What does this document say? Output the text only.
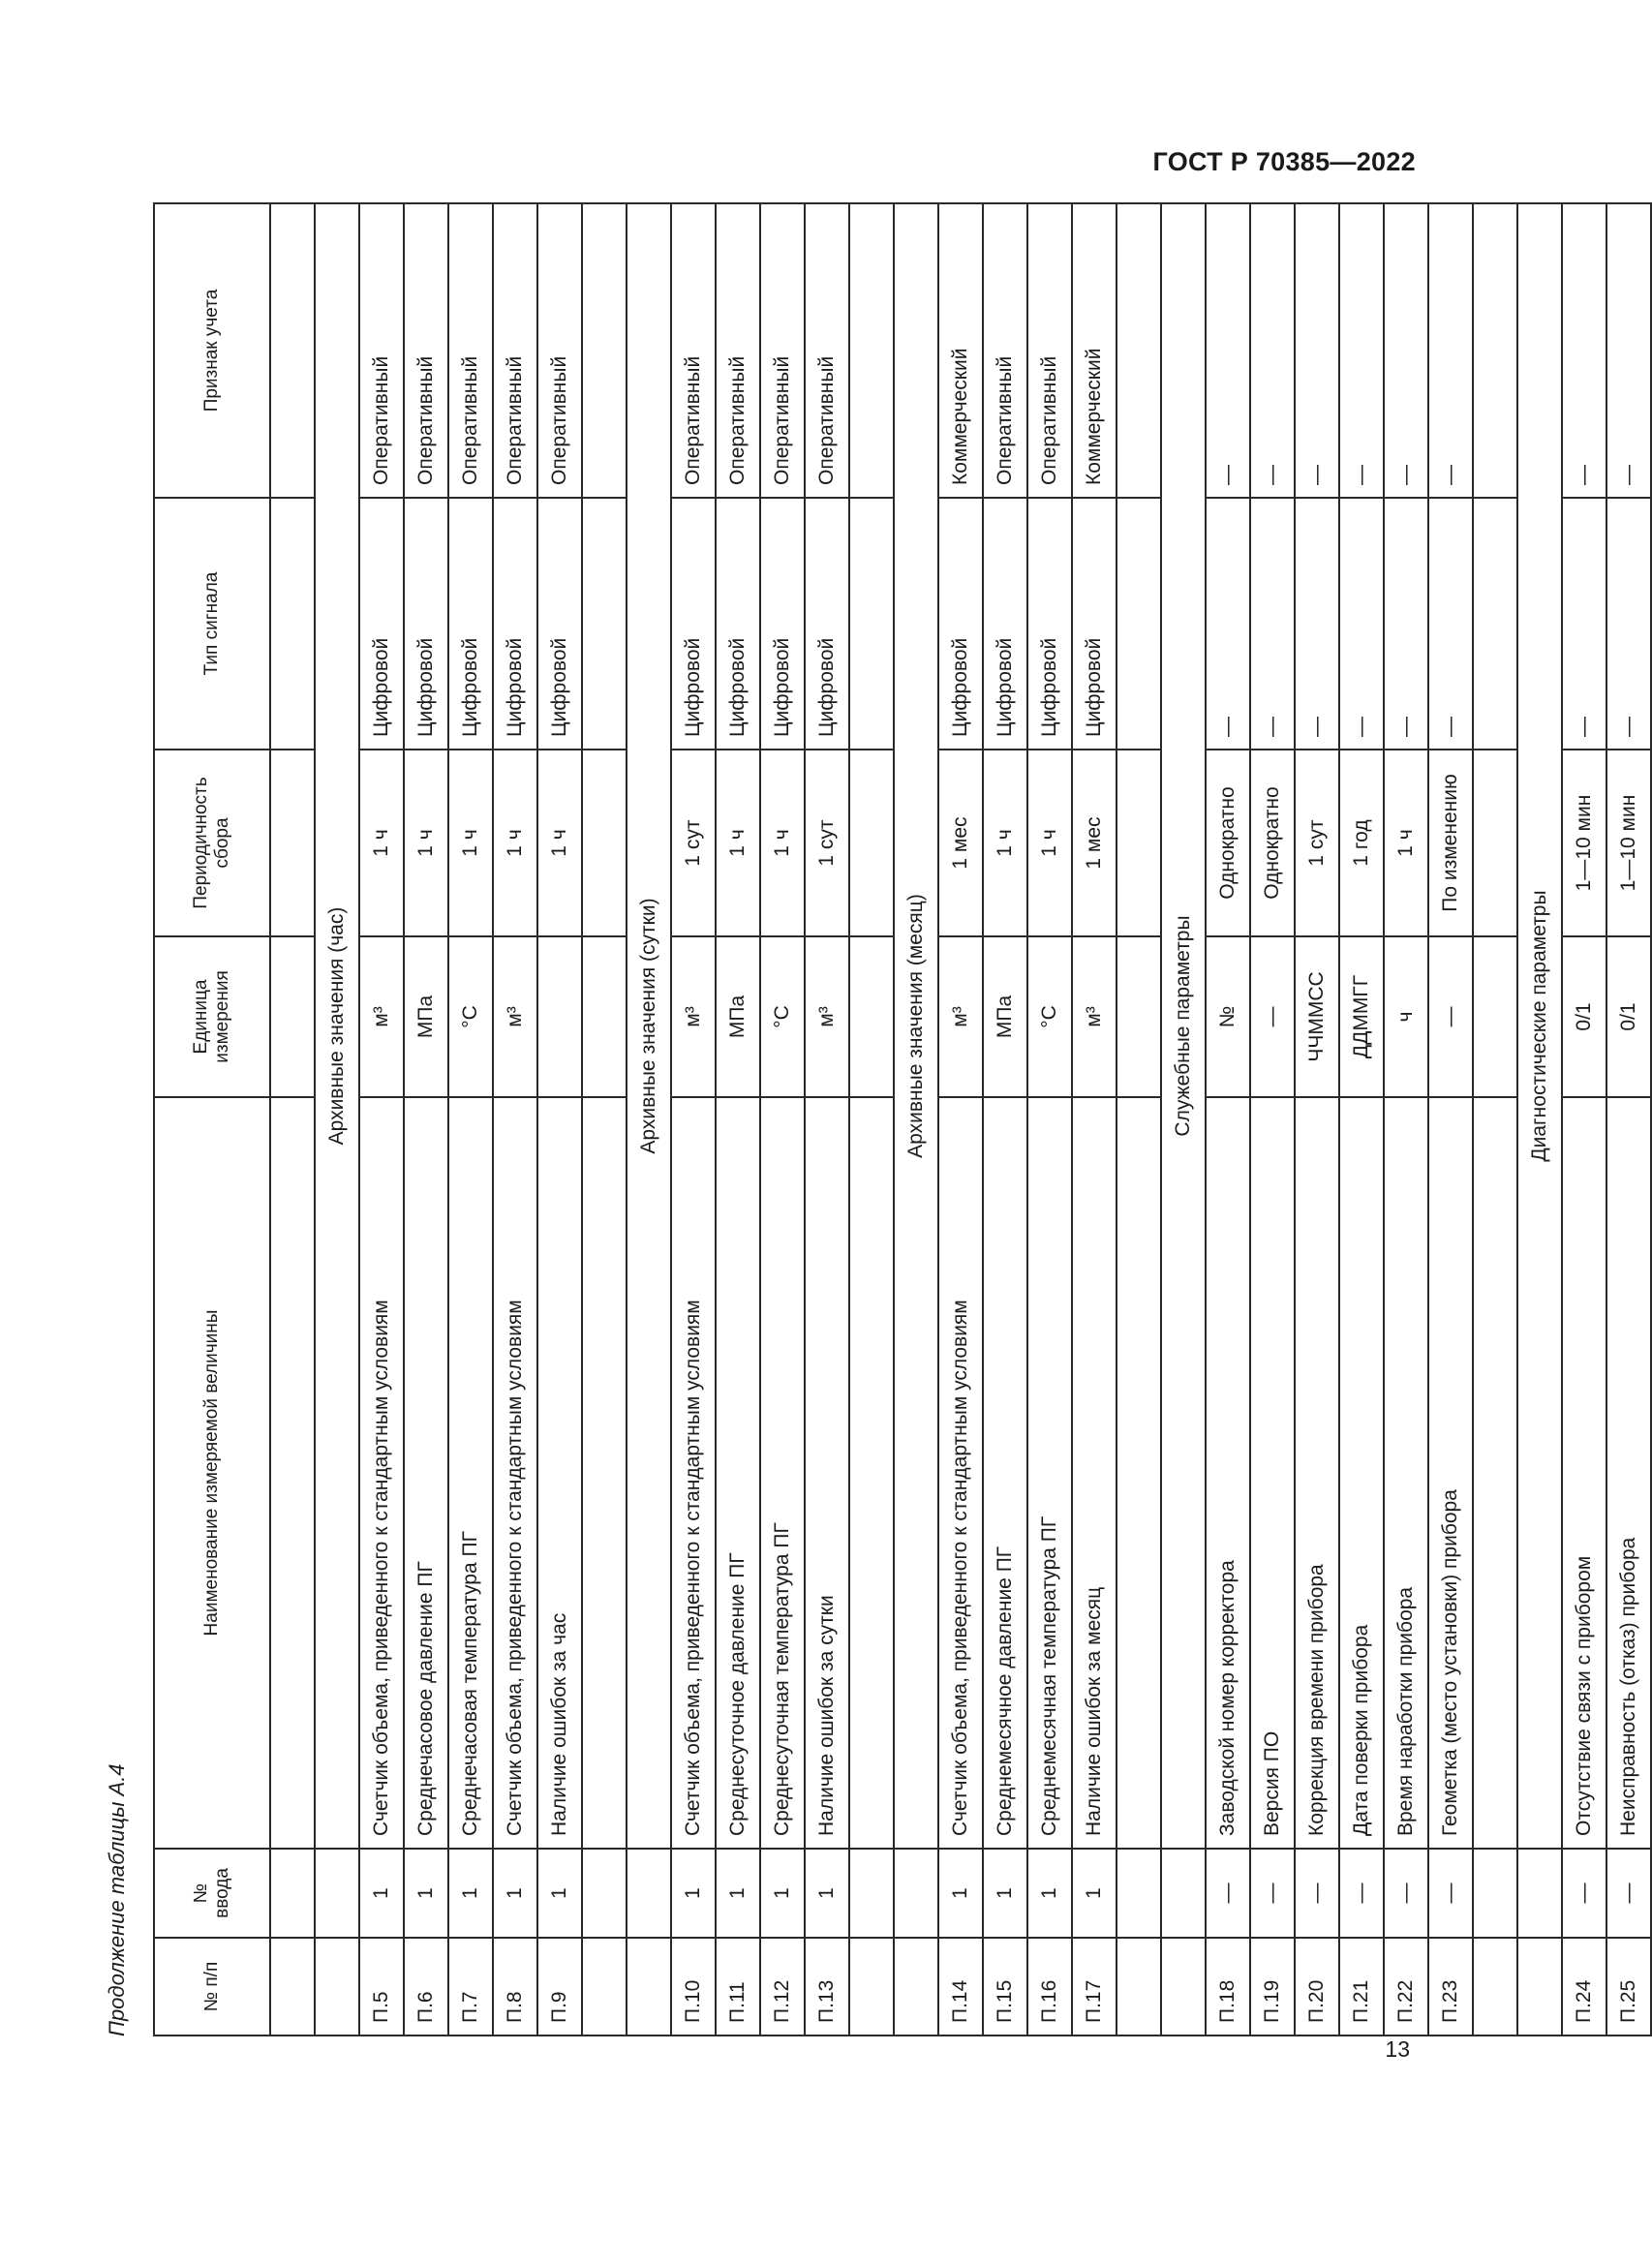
ГОСТ Р 70385—2022
Продолжение таблицы А.4	№ п/п	№ ввода	Наименование измеряемой величины	Единица измерения	Периодичность сбора	Тип сигнала	Признак учета

		Архивные значения (час)				
П.5	1	Счетчик объема, приведенного к стандартным условиям	м³	1 ч	Цифровой	Оперативный
П.6	1	Среднечасовое давление ПГ	МПа	1 ч	Цифровой	Оперативный
П.7	1	Среднечасовая температура ПГ	°С	1 ч	Цифровой	Оперативный
П.8	1	Счетчик объема, приведенного к стандартным условиям	м³	1 ч	Цифровой	Оперативный
П.9	1	Наличие ошибок за час		1 ч	Цифровой	Оперативный

		Архивные значения (сутки)				
П.10	1	Счетчик объема, приведенного к стандартным условиям	м³	1 сут	Цифровой	Оперативный
П.11	1	Среднесуточное давление ПГ	МПа	1 ч	Цифровой	Оперативный
П.12	1	Среднесуточная температура ПГ	°С	1 ч	Цифровой	Оперативный
П.13	1	Наличие ошибок за сутки	м³	1 сут	Цифровой	Оперативный

		Архивные значения (месяц)				
П.14	1	Счетчик объема, приведенного к стандартным условиям	м³	1 мес	Цифровой	Коммерческий
П.15	1	Среднемесячное давление ПГ	МПа	1 ч	Цифровой	Оперативный
П.16	1	Среднемесячная температура ПГ	°С	1 ч	Цифровой	Оперативный
П.17	1	Наличие ошибок за месяц	м³	1 мес	Цифровой	Коммерческий

		Служебные параметры				
П.18	—	Заводской номер корректора	№	Однократно	—	—
П.19	—	Версия ПО	—	Однократно	—	—
П.20	—	Коррекция времени прибора	ЧЧММСС	1 сут	—	—
П.21	—	Дата поверки прибора	ДДММГГ	1 год	—	—
П.22	—	Время наработки прибора	ч	1 ч	—	—
П.23	—	Геометка (место установки) прибора	—	По изменению	—	—

		Диагностические параметры				
П.24	—	Отсутствие связи с прибором	0/1	1—10 мин	—	—
П.25	—	Неисправность (отказ) прибора	0/1	1—10 мин	—	—
13
